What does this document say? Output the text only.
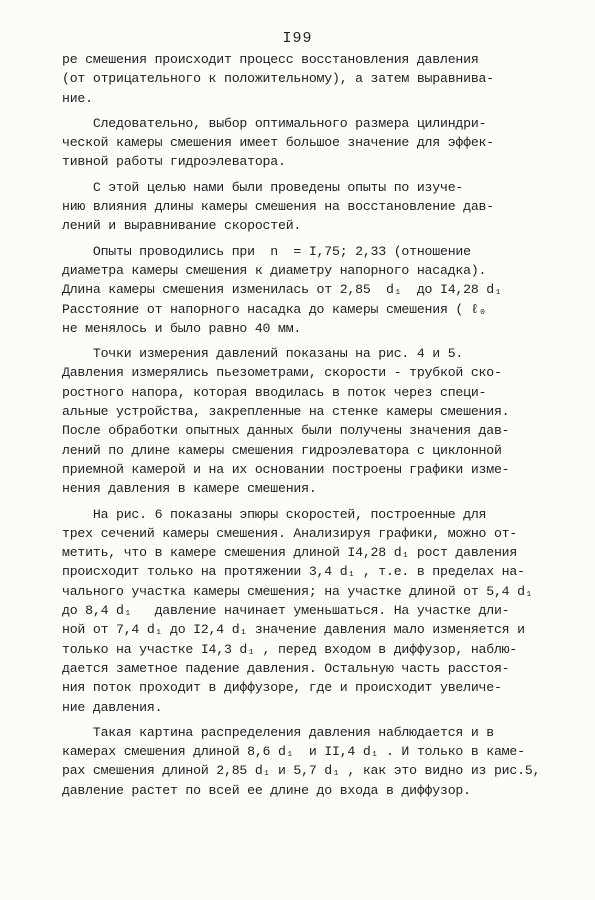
I99
ре смешения происходит процесс восстановления давления
(от отрицательного к положительному), а затем выравнива-
ние.
Следовательно, выбор оптимального размера цилиндри-
ческой камеры смешения имеет большое значение для эффек-
тивной работы гидроэлеватора.
С этой целью нами были проведены опыты по изучe-
нию влияния длины камеры смешения на восстановление дав-
лений и выравнивание скоростей.
Опыты проводились при  n  = I,75; 2,33 (отношение
диаметра камеры смешения к диаметру напорного насадка).
Длина камеры смешения изменилась от 2,85  d₁  до I4,28 d₁
Расстояние от напорного насадка до камеры смешения ( ℓ₀
не менялось и было равно 40 мм.
Точки измерения давлений показаны на рис. 4 и 5.
Давления измерялись пьезометрами, скорости - трубкой ско-
ростного напора, которая вводилась в поток через специ-
альные устройства, закрепленные на стенке камеры смешения.
После обработки опытных данных были получены значения дав-
лений по длине камеры смешения гидроэлеватора с циклонной
приемной камерой и на их основании построены графики изме-
нения давления в камере смешения.
На рис. 6 показаны эпюры скоростей, построенные для
трех сечений камеры смешения. Анализируя графики, можно от-
метить, что в камере смешения длиной I4,28 d₁ рост давления
происходит только на протяжении 3,4 d₁ , т.е. в пределах на-
чального участка камеры смешения; на участке длиной от 5,4 d₁
до 8,4 d₁   давление начинает уменьшаться. На участке дли-
ной от 7,4 d₁ до I2,4 d₁ значение давления мало изменяется и
только на участке I4,3 d₁ , перед входом в диффузор, наблю-
дается заметное падение давления. Остальную часть расстоя-
ния поток проходит в диффузоре, где и происходит увеличе-
ние давления.
Такая картина распределения давления наблюдается и в
камерах смешения длиной 8,6 d₁  и II,4 d₁ . И только в камe-
рах смешения длиной 2,85 d₁ и 5,7 d₁ , как это видно из рис.5,
давление растет по всей ее длине до входа в диффузор.
